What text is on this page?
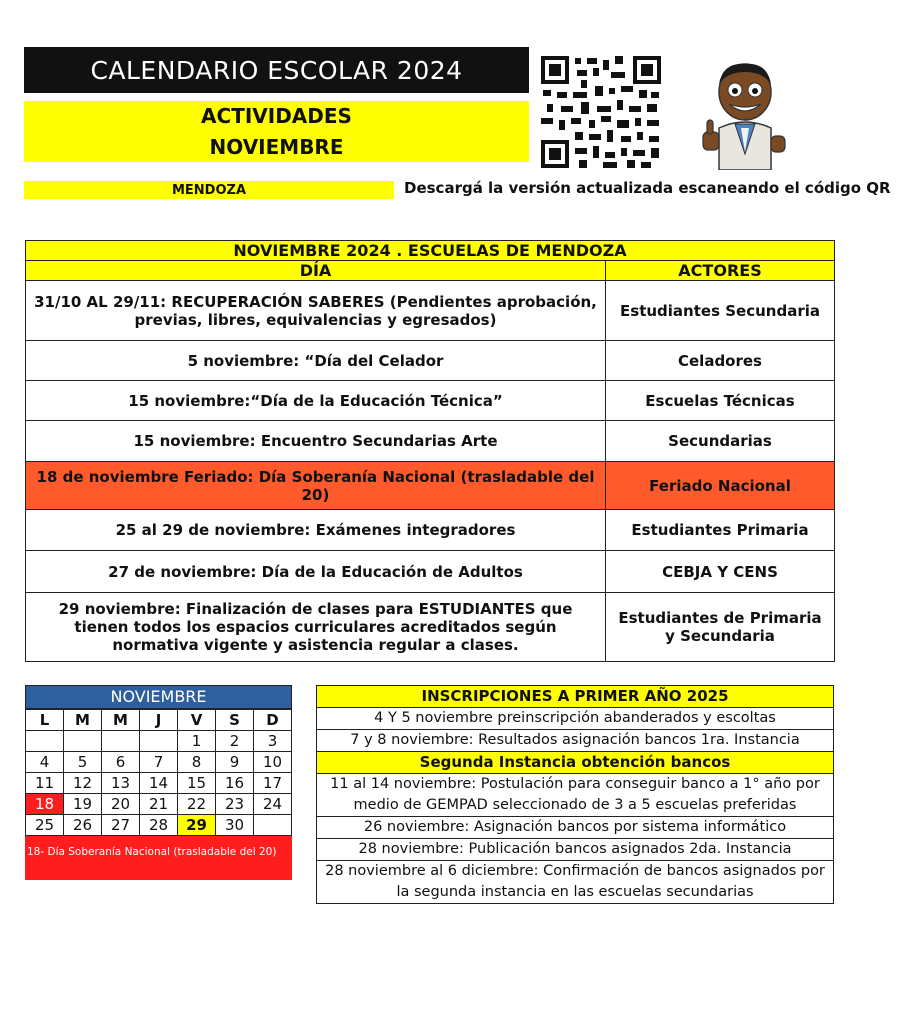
CALENDARIO ESCOLAR 2024
ACTIVIDADES
NOVIEMBRE
MENDOZA	Descargá la versión actualizada escaneando el código QR
NOVIEMBRE 2024 . ESCUELAS DE MENDOZA	
DÍA	ACTORES
31/10 AL 29/11: RECUPERACIÓN SABERES (Pendientes aprobación, previas, libres, equivalencias y egresados)	Estudiantes Secundaria
5 noviembre: “Día del Celador	Celadores
15 noviembre:“Día de la Educación Técnica”	Escuelas Técnicas
15 noviembre: Encuentro Secundarias Arte	Secundarias
18 de noviembre Feriado: Día Soberanía Nacional (trasladable del 20)	Feriado Nacional
25 al 29 de noviembre: Exámenes integradores	Estudiantes Primaria
27 de noviembre: Día de la Educación de Adultos	CEBJA Y CENS
29 noviembre: Finalización de clases para ESTUDIANTES que tienen todos los espacios curriculares acreditados según normativa vigente y asistencia regular a clases.	Estudiantes de Primaria y Secundaria
NOVIEMBRE
L	M	M	J	V	S	D
				1	2	3
4	5	6	7	8	9	10
11	12	13	14	15	16	17
18	19	20	21	22	23	24
25	26	27	28	29	30	
18- Día Soberanía Nacional (trasladable del 20)
INSCRIPCIONES A PRIMER AÑO 2025
4 Y 5 noviembre preinscripción abanderados y escoltas
7 y 8 noviembre: Resultados asignación bancos 1ra. Instancia
Segunda Instancia obtención bancos
11 al 14 noviembre: Postulación para conseguir banco a 1° año por medio de GEMPAD seleccionado de 3 a 5 escuelas preferidas
26 noviembre: Asignación bancos por sistema informático
28 noviembre: Publicación bancos asignados 2da. Instancia
28 noviembre al 6 diciembre: Confirmación de bancos asignados por la segunda instancia en las escuelas secundarias
